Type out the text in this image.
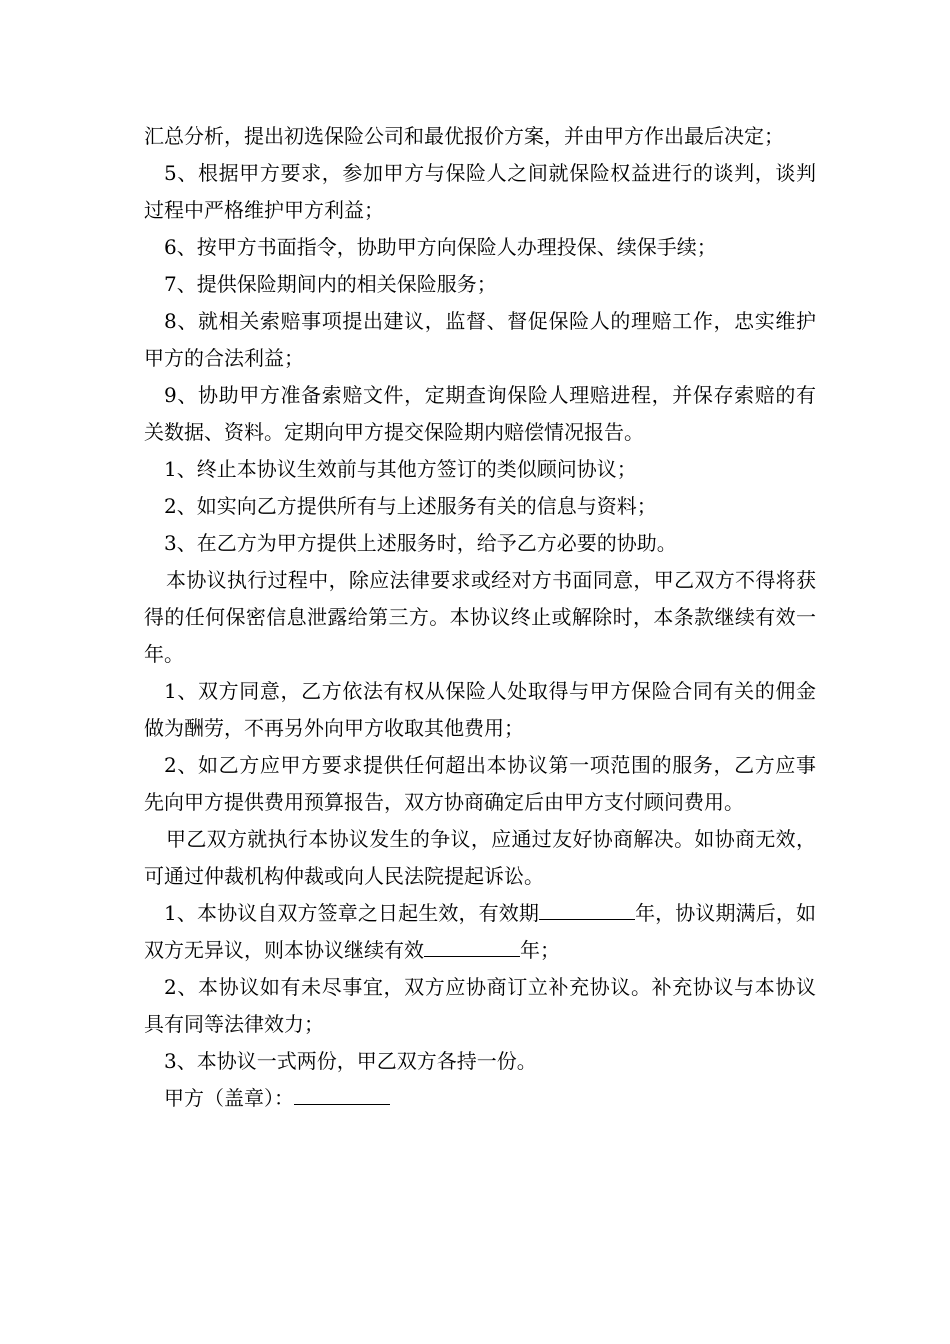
汇总分析，提出初选保险公司和最优报价方案，并由甲方作出最后决定；

5、根据甲方要求，参加甲方与保险人之间就保险权益进行的谈判，谈判过程中严格维护甲方利益；

6、按甲方书面指令，协助甲方向保险人办理投保、续保手续；

7、提供保险期间内的相关保险服务；

8、就相关索赔事项提出建议，监督、督促保险人的理赔工作，忠实维护甲方的合法利益；

9、协助甲方准备索赔文件，定期查询保险人理赔进程，并保存索赔的有关数据、资料。定期向甲方提交保险期内赔偿情况报告。

1、终止本协议生效前与其他方签订的类似顾问协议；

2、如实向乙方提供所有与上述服务有关的信息与资料；

3、在乙方为甲方提供上述服务时，给予乙方必要的协助。

本协议执行过程中，除应法律要求或经对方书面同意，甲乙双方不得将获得的任何保密信息泄露给第三方。本协议终止或解除时，本条款继续有效一年。

1、双方同意，乙方依法有权从保险人处取得与甲方保险合同有关的佣金做为酬劳，不再另外向甲方收取其他费用；

2、如乙方应甲方要求提供任何超出本协议第一项范围的服务，乙方应事先向甲方提供费用预算报告，双方协商确定后由甲方支付顾问费用。

甲乙双方就执行本协议发生的争议，应通过友好协商解决。如协商无效，可通过仲裁机构仲裁或向人民法院提起诉讼。

1、本协议自双方签章之日起生效，有效期	年，协议期满后，如双方无异议，则本协议继续有效	年；

2、本协议如有未尽事宜，双方应协商订立补充协议。补充协议与本协议具有同等法律效力；

3、本协议一式两份，甲乙双方各持一份。

甲方（盖章）：
